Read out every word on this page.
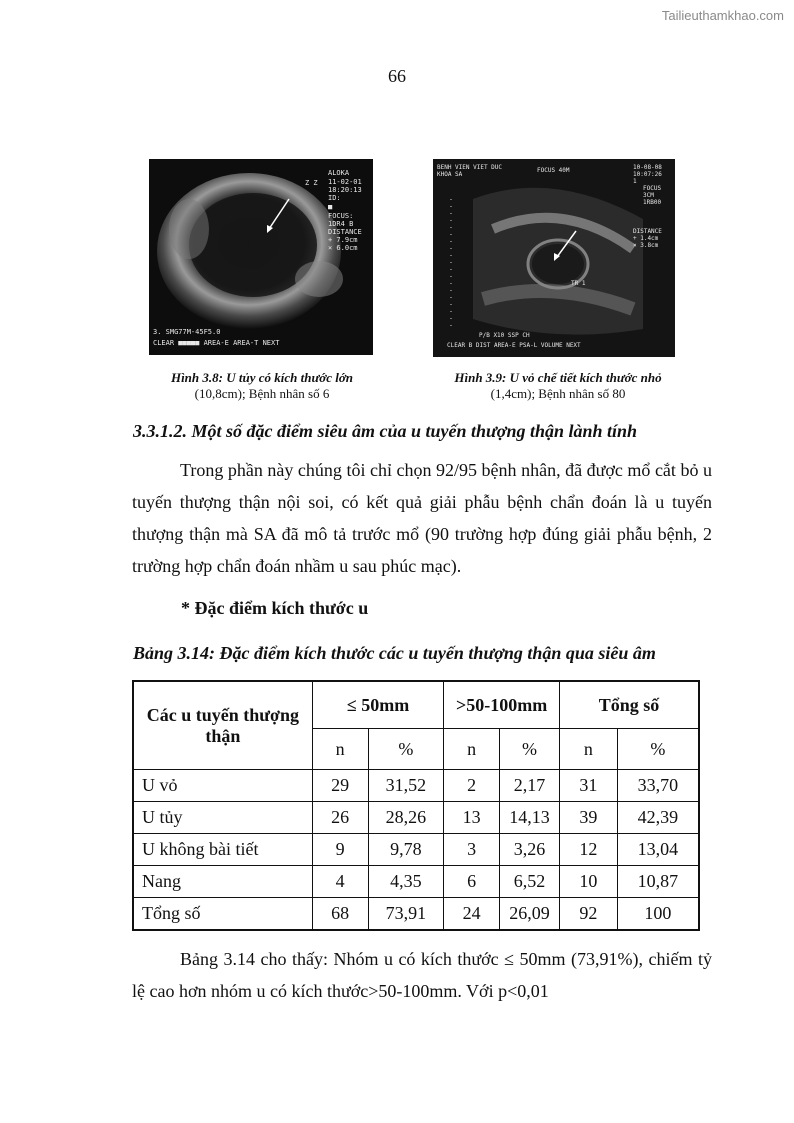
Tailieuthamkhao.com
66
ALOKA
11-02-01
18:20:13
ID:
■
FOCUS:
1DR4 B
DISTANCE
+ 7.9cm
× 6.0cm
Z Z
3. SMG77M-45F5.0
CLEAR ■■■■■ AREA-E AREA-T NEXT
BENH VIEN VIET DUC
KHOA SA
FOCUS 40M	10-08-08
10:07:26
1
FOCUS
3CM
1RB00
DISTANCE
+ 1.4cm
× 3.8cm
TR 1
P/B X10 SSP CH
CLEAR B DIST AREA-E PSA-L VOLUME NEXT
Hình 3.8: U tủy có kích thước lớn
(10,8cm); Bệnh nhân số 6
Hình 3.9: U vỏ chế tiết kích thước nhỏ
(1,4cm); Bệnh nhân số 80
3.3.1.2. Một số đặc điểm siêu âm của u tuyến thượng thận lành tính
Trong phần này chúng tôi chỉ chọn 92/95 bệnh nhân, đã được mổ cắt bỏ u tuyến thượng thận nội soi, có kết quả giải phẫu bệnh chẩn đoán là u tuyến thượng thận mà SA đã mô tả trước mổ (90 trường hợp đúng giải phẫu bệnh, 2 trường hợp chẩn đoán nhầm u sau phúc mạc).
* Đặc điểm kích thước u
Bảng 3.14: Đặc điểm kích thước các u tuyến thượng thận qua siêu âm
Các u tuyến thượng thận	≤ 50mm		>50-100mm		Tổng số	
	n	%	n	%	n	%
U vỏ	29	31,52	2	2,17	31	33,70
U tủy	26	28,26	13	14,13	39	42,39
U không bài tiết	9	9,78	3	3,26	12	13,04
Nang	4	4,35	6	6,52	10	10,87
Tổng số	68	73,91	24	26,09	92	100
Bảng 3.14 cho thấy: Nhóm u có kích thước ≤ 50mm (73,91%), chiếm tỷ lệ cao hơn nhóm u có kích thước>50-100mm. Với p<0,01
